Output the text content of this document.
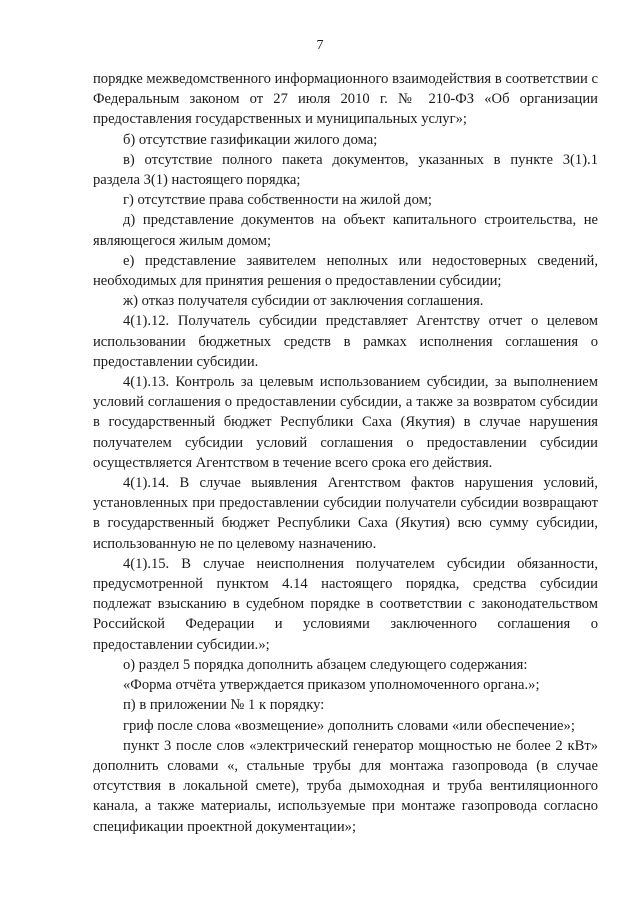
7

порядке межведомственного информационного взаимодействия в соответствии с Федеральным законом от 27 июля 2010 г. № 210-ФЗ «Об организации предоставления государственных и муниципальных услуг»;

б) отсутствие газификации жилого дома;

в) отсутствие полного пакета документов, указанных в пункте 3(1).1 раздела 3(1) настоящего порядка;

г) отсутствие права собственности на жилой дом;

д) представление документов на объект капитального строительства, не являющегося жилым домом;

е) представление заявителем неполных или недостоверных сведений, необходимых для принятия решения о предоставлении субсидии;

ж) отказ получателя субсидии от заключения соглашения.

4(1).12. Получатель субсидии представляет Агентству отчет о целевом использовании бюджетных средств в рамках исполнения соглашения о предоставлении субсидии.

4(1).13. Контроль за целевым использованием субсидии, за выполнением условий соглашения о предоставлении субсидии, а также за возвратом субсидии в государственный бюджет Республики Саха (Якутия) в случае нарушения получателем субсидии условий соглашения о предоставлении субсидии осуществляется Агентством в течение всего срока его действия.

4(1).14. В случае выявления Агентством фактов нарушения условий, установленных при предоставлении субсидии получатели субсидии возвращают в государственный бюджет Республики Саха (Якутия) всю сумму субсидии, использованную не по целевому назначению.

4(1).15. В случае неисполнения получателем субсидии обязанности, предусмотренной пунктом 4.14 настоящего порядка, средства субсидии подлежат взысканию в судебном порядке в соответствии с законодательством Российской Федерации и условиями заключенного соглашения о предоставлении субсидии.»;

о) раздел 5 порядка дополнить абзацем следующего содержания:

«Форма отчёта утверждается приказом уполномоченного органа.»;

п) в приложении № 1 к порядку:

гриф после слова «возмещение» дополнить словами «или обеспечение»;

пункт 3 после слов «электрический генератор мощностью не более 2 кВт» дополнить словами «, стальные трубы для монтажа газопровода (в случае отсутствия в локальной смете), труба дымоходная и труба вентиляционного канала, а также материалы, используемые при монтаже газопровода согласно спецификации проектной документации»;
